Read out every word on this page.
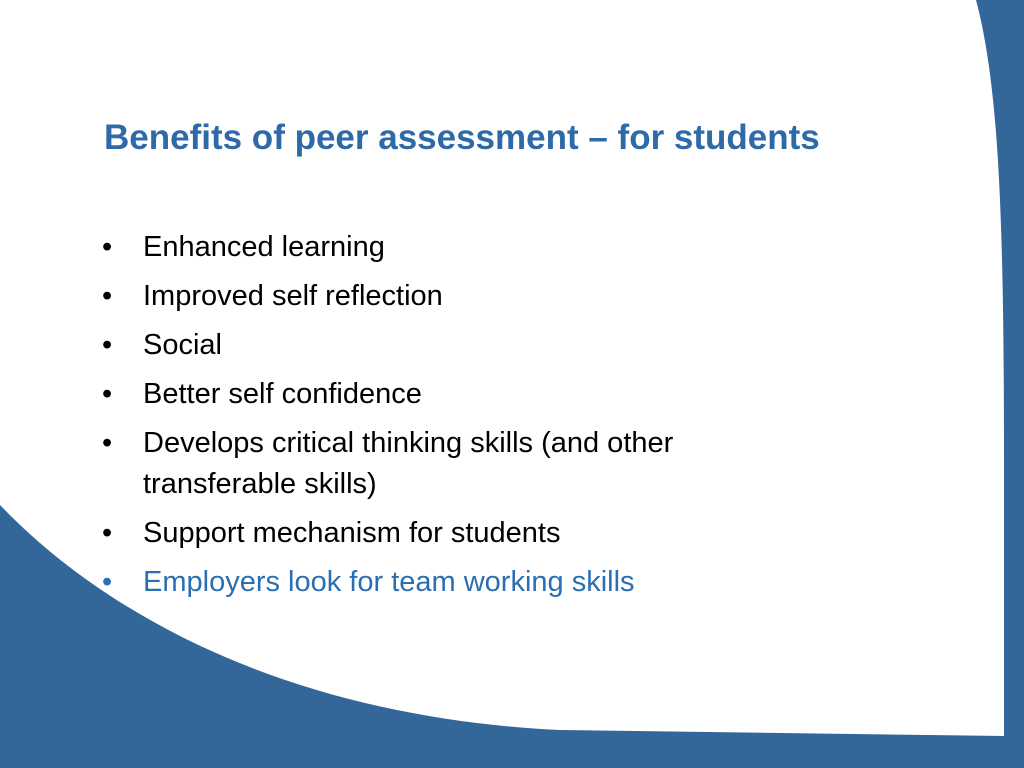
Benefits of peer assessment – for students
• Enhanced learning
• Improved self reflection
• Social
• Better self confidence
• Develops critical thinking skills (and other transferable skills)
• Support mechanism for students
• Employers look for team working skills
